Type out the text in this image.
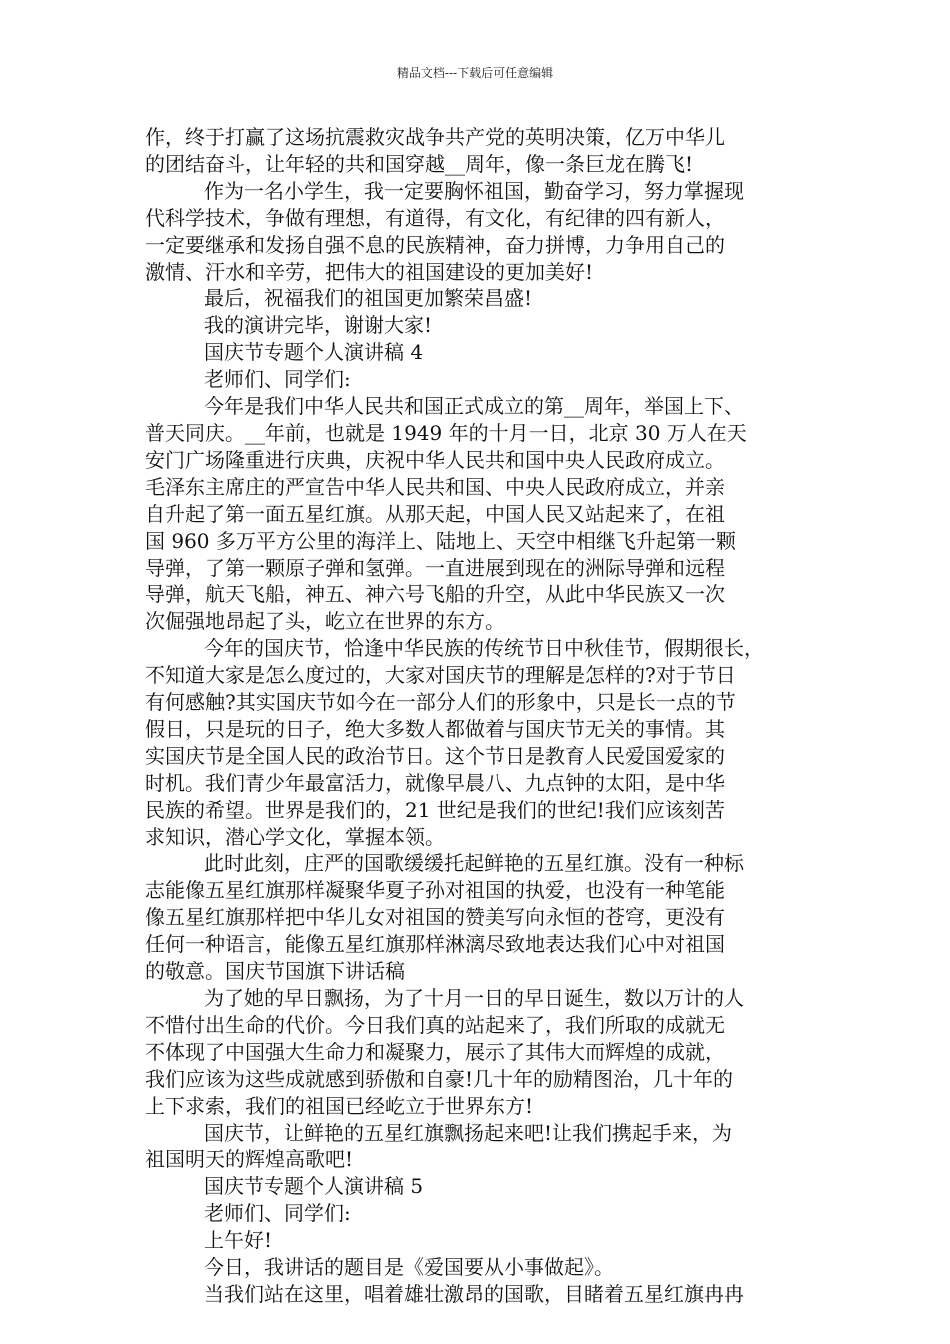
精品文档---下载后可任意编辑
作，终于打赢了这场抗震救灾战争共产党的英明决策，亿万中华儿
的团结奋斗，让年轻的共和国穿越__周年，像一条巨龙在腾飞!
作为一名小学生，我一定要胸怀祖国，勤奋学习，努力掌握现
代科学技术，争做有理想，有道得，有文化，有纪律的四有新人，
一定要继承和发扬自强不息的民族精神，奋力拼博，力争用自己的
激情、汗水和辛劳，把伟大的祖国建设的更加美好!
最后，祝福我们的祖国更加繁荣昌盛!
我的演讲完毕，谢谢大家!
国庆节专题个人演讲稿 4
老师们、同学们:
今年是我们中华人民共和国正式成立的第__周年，举国上下、
普天同庆。__年前，也就是 1949 年的十月一日，北京 30 万人在天
安门广场隆重进行庆典，庆祝中华人民共和国中央人民政府成立。
毛泽东主席庄的严宣告中华人民共和国、中央人民政府成立，并亲
自升起了第一面五星红旗。从那天起，中国人民又站起来了，在祖
国 960 多万平方公里的海洋上、陆地上、天空中相继飞升起第一颗
导弹，了第一颗原子弹和氢弹。一直进展到现在的洲际导弹和远程
导弹，航天飞船，神五、神六号飞船的升空，从此中华民族又一次
次倔强地昂起了头，屹立在世界的东方。
今年的国庆节，恰逢中华民族的传统节日中秋佳节，假期很长，
不知道大家是怎么度过的，大家对国庆节的理解是怎样的?对于节日
有何感触?其实国庆节如今在一部分人们的形象中，只是长一点的节
假日，只是玩的日子，绝大多数人都做着与国庆节无关的事情。其
实国庆节是全国人民的政治节日。这个节日是教育人民爱国爱家的
时机。我们青少年最富活力，就像早晨八、九点钟的太阳，是中华
民族的希望。世界是我们的，21 世纪是我们的世纪!我们应该刻苦
求知识，潜心学文化，掌握本领。
此时此刻，庄严的国歌缓缓托起鲜艳的五星红旗。没有一种标
志能像五星红旗那样凝聚华夏子孙对祖国的执爱，也没有一种笔能
像五星红旗那样把中华儿女对祖国的赞美写向永恒的苍穹，更没有
任何一种语言，能像五星红旗那样淋漓尽致地表达我们心中对祖国
的敬意。国庆节国旗下讲话稿
为了她的早日飘扬，为了十月一日的早日诞生，数以万计的人
不惜付出生命的代价。今日我们真的站起来了，我们所取的成就无
不体现了中国强大生命力和凝聚力，展示了其伟大而辉煌的成就，
我们应该为这些成就感到骄傲和自豪!几十年的励精图治，几十年的
上下求索，我们的祖国已经屹立于世界东方!
国庆节，让鲜艳的五星红旗飘扬起来吧!让我们携起手来，为
祖国明天的辉煌高歌吧!
国庆节专题个人演讲稿 5
老师们、同学们:
上午好!
今日，我讲话的题目是《爱国要从小事做起》。
当我们站在这里，唱着雄壮激昂的国歌，目睹着五星红旗冉冉
